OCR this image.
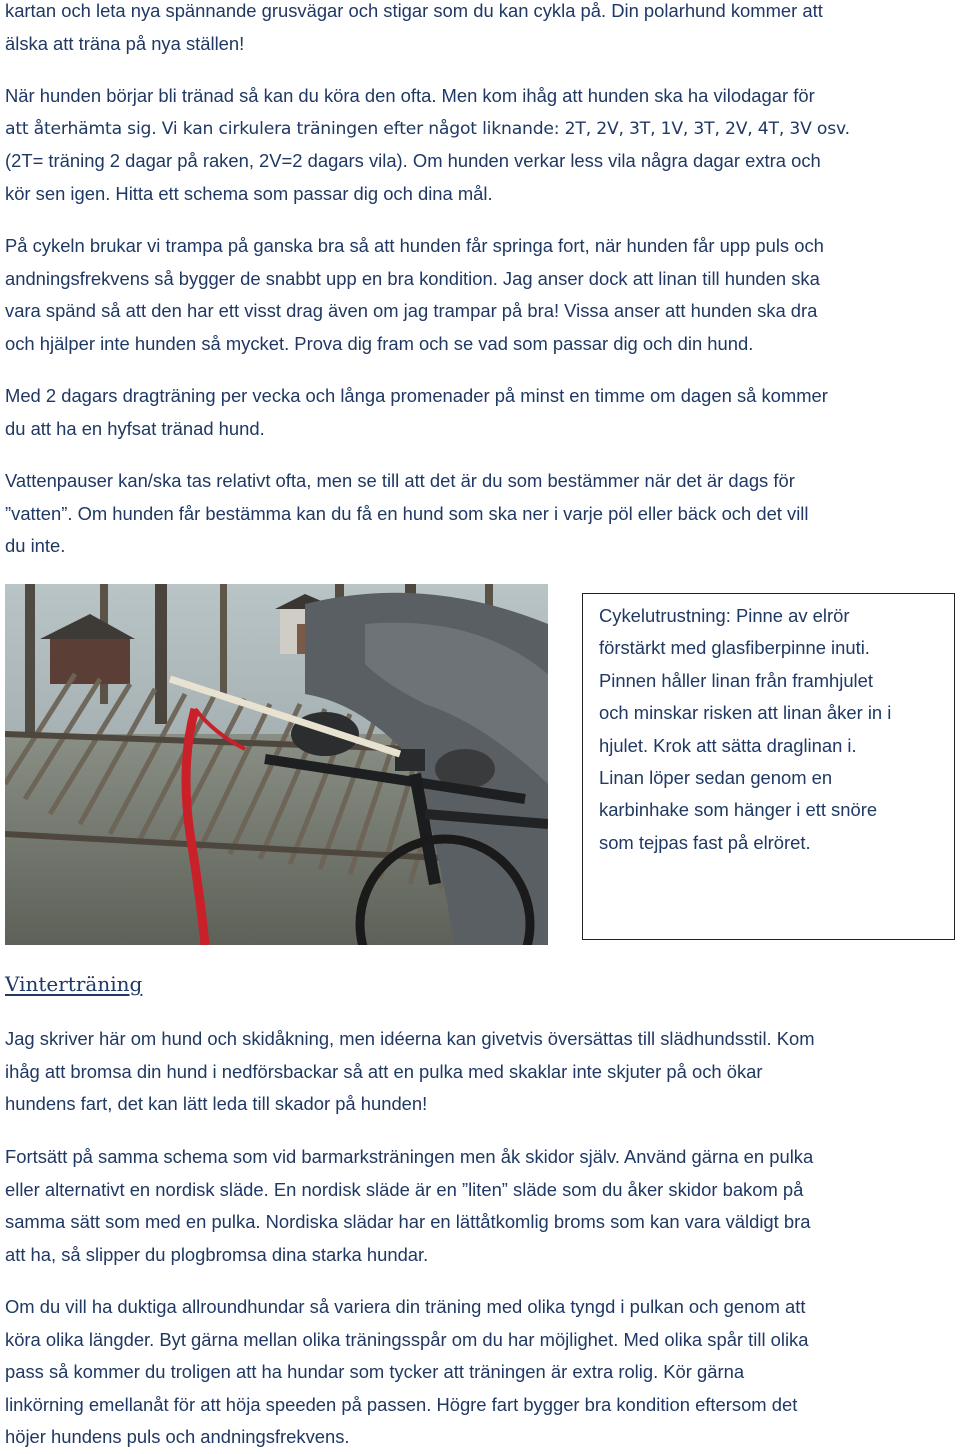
kartan och leta nya spännande grusvägar och stigar som du kan cykla på. Din polarhund kommer att
älska att träna på nya ställen!

När hunden börjar bli tränad så kan du köra den ofta. Men kom ihåg att hunden ska ha vilodagar för
att återhämta sig. Vi kan cirkulera träningen efter något liknande: 2T, 2V, 3T, 1V, 3T, 2V, 4T, 3V osv.
(2T= träning 2 dagar på raken, 2V=2 dagars vila). Om hunden verkar less vila några dagar extra och
kör sen igen. Hitta ett schema som passar dig och dina mål.

På cykeln brukar vi trampa på ganska bra så att hunden får springa fort, när hunden får upp puls och
andningsfrekvens så bygger de snabbt upp en bra kondition. Jag anser dock att linan till hunden ska
vara spänd så att den har ett visst drag även om jag trampar på bra! Vissa anser att hunden ska dra
och hjälper inte hunden så mycket. Prova dig fram och se vad som passar dig och din hund.

Med 2 dagars dragträning per vecka och långa promenader på minst en timme om dagen så kommer
du att ha en hyfsat tränad hund.

Vattenpauser kan/ska tas relativt ofta, men se till att det är du som bestämmer när det är dags för
”vatten”. Om hunden får bestämma kan du få en hund som ska ner i varje pöl eller bäck och det vill
du inte.

Cykelutrustning: Pinne av elrör
förstärkt med glasfiberpinne inuti.
Pinnen håller linan från framhjulet
och minskar risken att linan åker in i
hjulet. Krok att sätta draglinan i.
Linan löper sedan genom en
karbinhake som hänger i ett snöre
som tejpas fast på elröret.
Vinterträning

Jag skriver här om hund och skidåkning, men idéerna kan givetvis översättas till slädhundsstil. Kom
ihåg att bromsa din hund i nedförsbackar så att en pulka med skaklar inte skjuter på och ökar
hundens fart, det kan lätt leda till skador på hunden!

Fortsätt på samma schema som vid barmarksträningen men åk skidor själv. Använd gärna en pulka
eller alternativt en nordisk släde. En nordisk släde är en ”liten” släde som du åker skidor bakom på
samma sätt som med en pulka. Nordiska slädar har en lättåtkomlig broms som kan vara väldigt bra
att ha, så slipper du plogbromsa dina starka hundar.

Om du vill ha duktiga allroundhundar så variera din träning med olika tyngd i pulkan och genom att
köra olika längder. Byt gärna mellan olika träningsspår om du har möjlighet. Med olika spår till olika
pass så kommer du troligen att ha hundar som tycker att träningen är extra rolig. Kör gärna
linkörning emellanåt för att höja speeden på passen. Högre fart bygger bra kondition eftersom det
höjer hundens puls och andningsfrekvens.
